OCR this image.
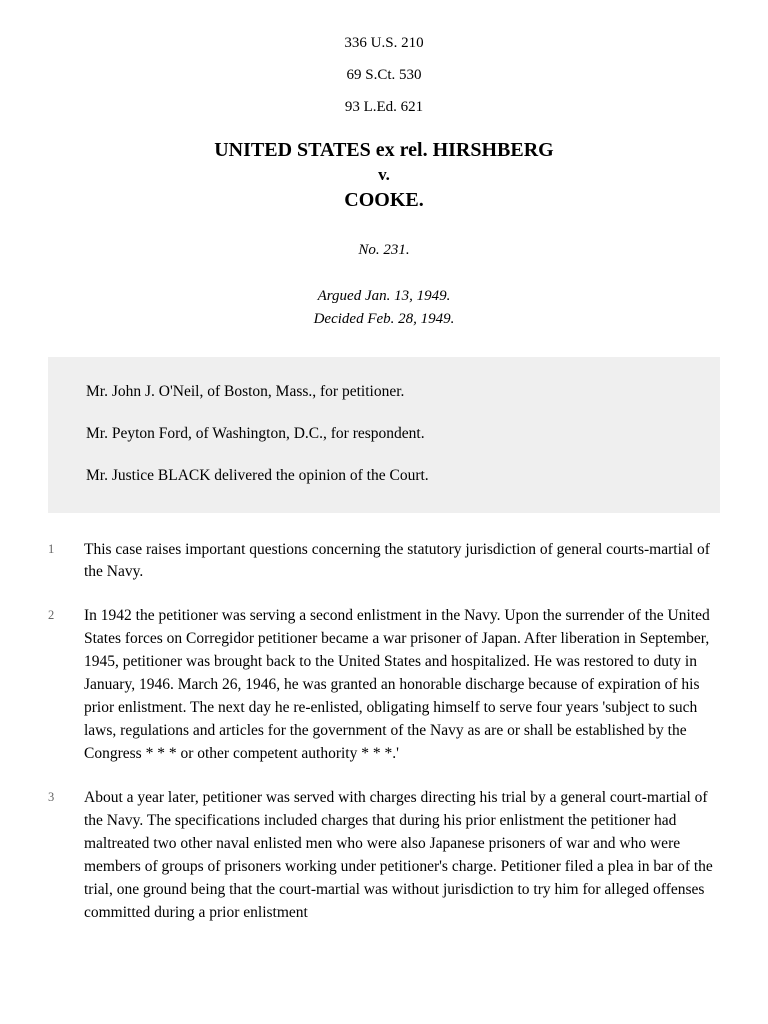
336 U.S. 210
69 S.Ct. 530
93 L.Ed. 621
UNITED STATES ex rel. HIRSHBERG
v.
COOKE.
No. 231.
Argued Jan. 13, 1949.
Decided Feb. 28, 1949.

Mr. John J. O'Neil, of Boston, Mass., for petitioner.

Mr. Peyton Ford, of Washington, D.C., for respondent.

Mr. Justice BLACK delivered the opinion of the Court.

1	This case raises important questions concerning the statutory jurisdiction of general courts-martial of the Navy.
2	In 1942 the petitioner was serving a second enlistment in the Navy. Upon the surrender of the United States forces on Corregidor petitioner became a war prisoner of Japan. After liberation in September, 1945, petitioner was brought back to the United States and hospitalized. He was restored to duty in January, 1946. March 26, 1946, he was granted an honorable discharge because of expiration of his prior enlistment. The next day he re-enlisted, obligating himself to serve four years 'subject to such laws, regulations and articles for the government of the Navy as are or shall be established by the Congress * * * or other competent authority * * *.'
3	About a year later, petitioner was served with charges directing his trial by a general court-martial of the Navy. The specifications included charges that during his prior enlistment the petitioner had maltreated two other naval enlisted men who were also Japanese prisoners of war and who were members of groups of prisoners working under petitioner's charge. Petitioner filed a plea in bar of the trial, one ground being that the court-martial was without jurisdiction to try him for alleged offenses committed during a prior enlistment
